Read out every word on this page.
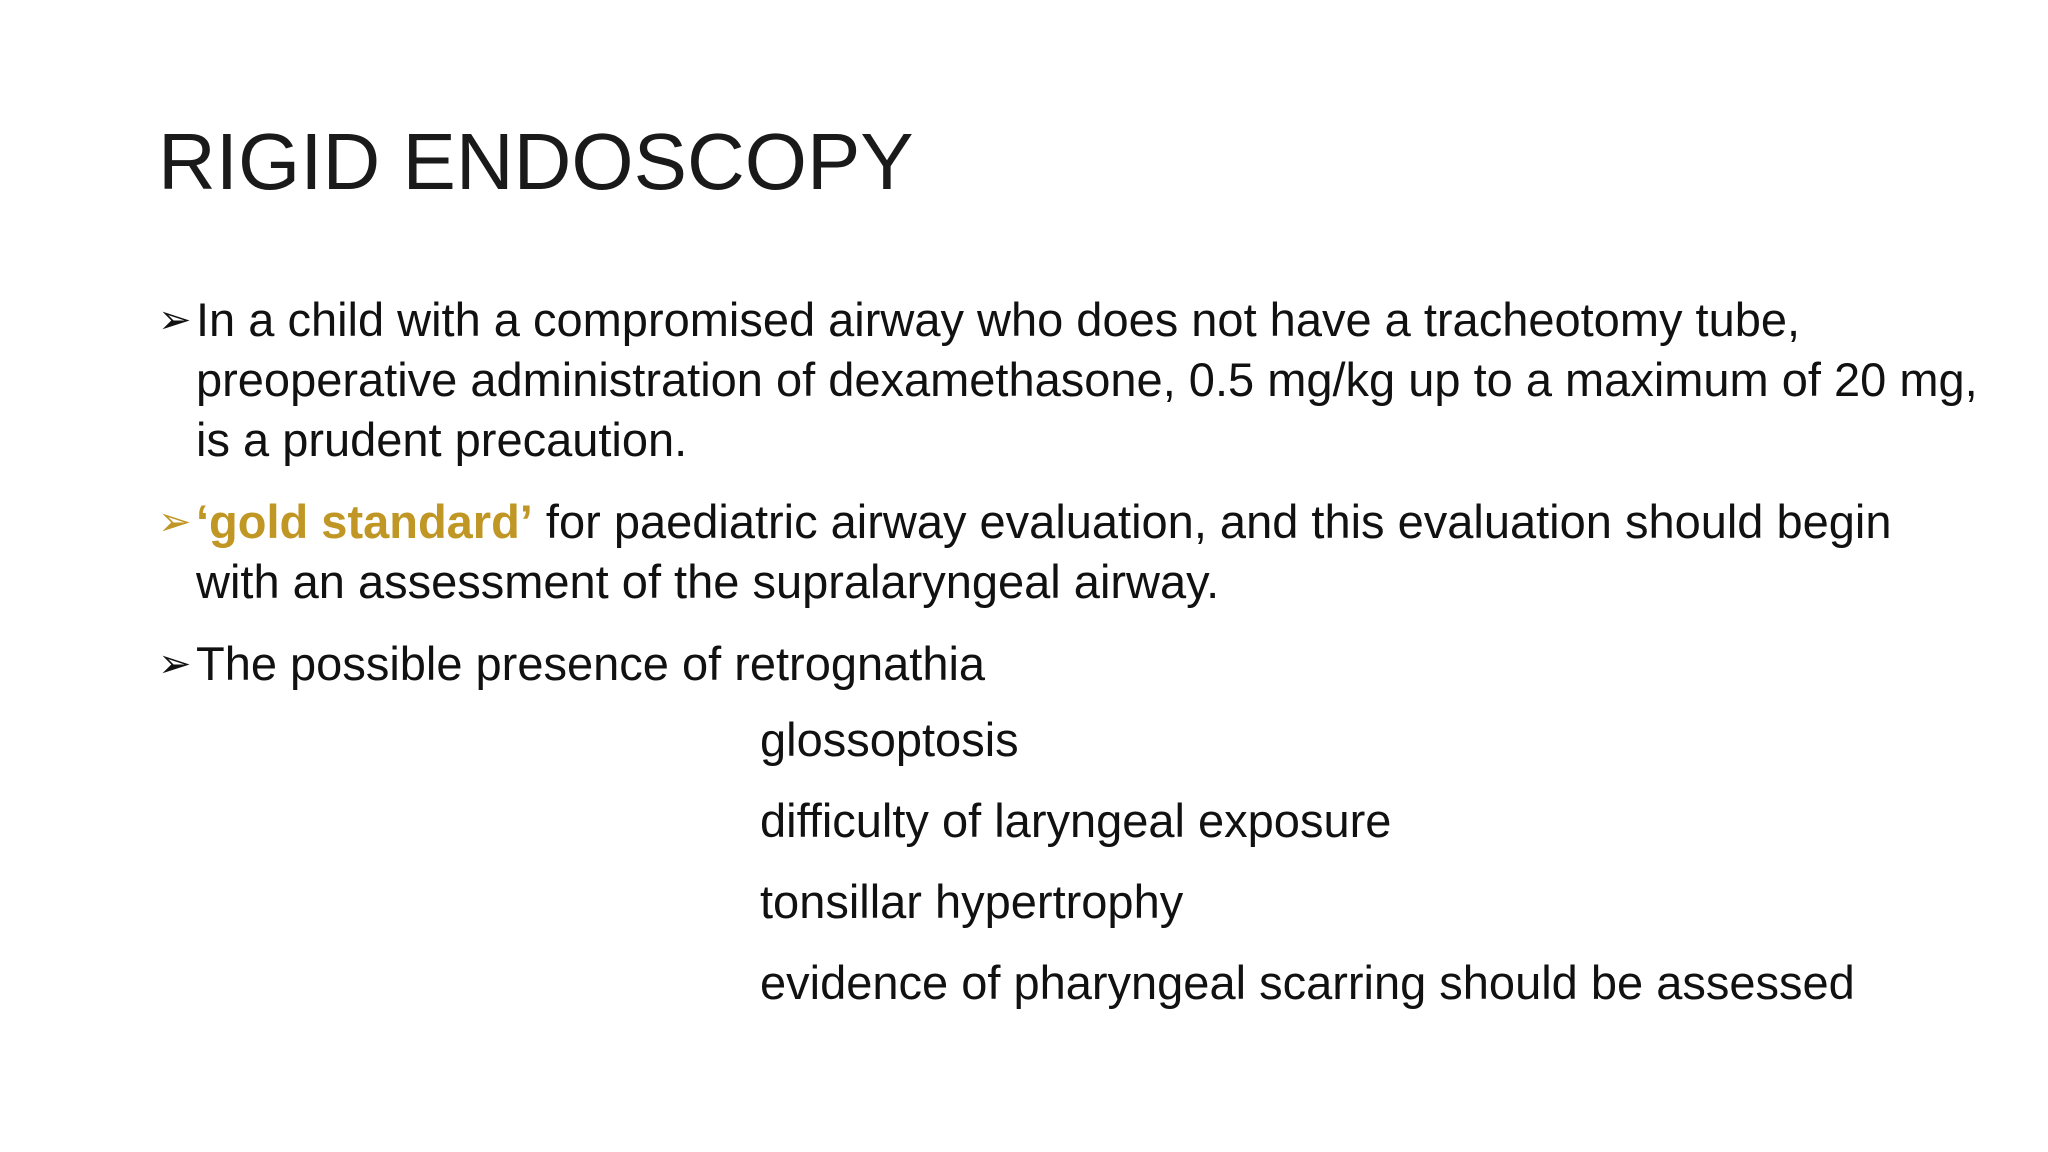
RIGID ENDOSCOPY
➢ In a child with a compromised airway who does not have a tracheotomy tube, preoperative administration of dexamethasone, 0.5 mg/kg up to a maximum of 20 mg, is a prudent precaution.
➢ ‘gold standard’ for paediatric airway evaluation, and this evaluation should begin with an assessment of the supralaryngeal airway.
➢ The possible presence of retrognathia
glossoptosis
difficulty of laryngeal exposure
tonsillar hypertrophy
evidence of pharyngeal scarring should be assessed
